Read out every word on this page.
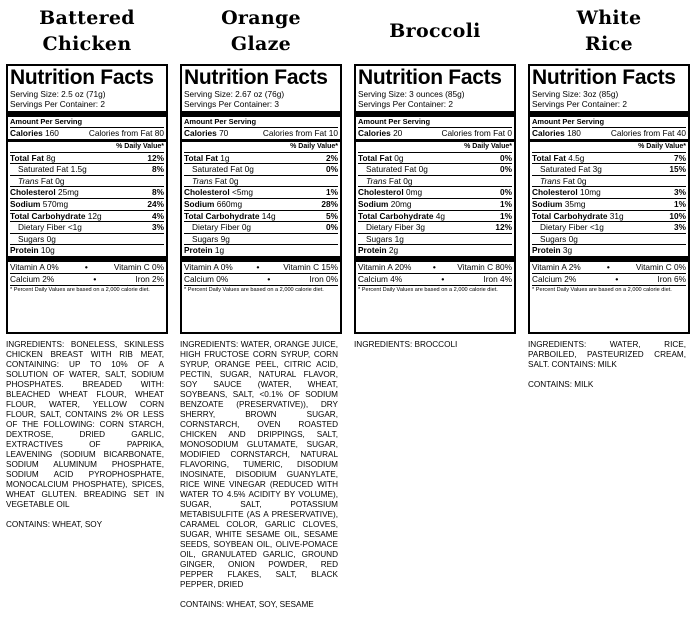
Battered
Chicken
Nutrition Facts
Serving Size: 2.5 oz (71g)
Servings Per Container: 2
Amount Per Serving
Calories 160	Calories from Fat 80
% Daily Value*
Total Fat 8g	12%
Saturated Fat 1.5g	8%
Trans Fat 0g
Cholesterol 25mg	8%
Sodium 570mg	24%
Total Carbohydrate 12g	4%
Dietary Fiber <1g	3%
Sugars 0g
Protein 10g
Vitamin A 0%	•	Vitamin C 0%
Calcium 2%	•	Iron 2%
* Percent Daily Values are based on a 2,000 calorie diet.

INGREDIENTS: BONELESS, SKINLESS CHICKEN BREAST WITH RIB MEAT, CONTAINING: UP TO 10% OF A SOLUTION OF WATER, SALT, SODIUM PHOSPHATES. BREADED WITH: BLEACHED WHEAT FLOUR, WHEAT FLOUR, WATER, YELLOW CORN FLOUR, SALT, CONTAINS 2% OR LESS OF THE FOLLOWING: CORN STARCH, DEXTROSE, DRIED GARLIC, EXTRACTIVES OF PAPRIKA, LEAVENING (SODIUM BICARBONATE, SODIUM ALUMINUM PHOSPHATE, SODIUM ACID PYROPHOSPHATE, MONOCALCIUM PHOSPHATE), SPICES, WHEAT GLUTEN. BREADING SET IN VEGETABLE OIL

CONTAINS: WHEAT, SOY

Orange
Glaze
Nutrition Facts
Serving Size: 2.67 oz (76g)
Servings Per Container: 3
Amount Per Serving
Calories 70	Calories from Fat 10
% Daily Value*
Total Fat 1g	2%
Saturated Fat 0g	0%
Trans Fat 0g
Cholesterol <5mg	1%
Sodium 660mg	28%
Total Carbohydrate 14g	5%
Dietary Fiber 0g	0%
Sugars 9g
Protein 1g
Vitamin A 0%	•	Vitamin C 15%
Calcium 0%	•	Iron 0%
* Percent Daily Values are based on a 2,000 calorie diet.

INGREDIENTS: WATER, ORANGE JUICE, HIGH FRUCTOSE CORN SYRUP, CORN SYRUP, ORANGE PEEL, CITRIC ACID, PECTIN, SUGAR, NATURAL FLAVOR, SOY SAUCE (WATER, WHEAT, SOYBEANS, SALT, <0.1% OF SODIUM BENZOATE (PRESERVATIVE)), DRY SHERRY, BROWN SUGAR, CORNSTARCH, OVEN ROASTED CHICKEN AND DRIPPINGS, SALT, MONOSODIUM GLUTAMATE, SUGAR, MODIFIED CORNSTARCH, NATURAL FLAVORING, TUMERIC, DISODIUM INOSINATE, DISODIUM GUANYLATE, RICE WINE VINEGAR (REDUCED WITH WATER TO 4.5% ACIDITY BY VOLUME), SUGAR, SALT, POTASSIUM METABISULFITE (AS A PRESERVATIVE), CARAMEL COLOR, GARLIC CLOVES, SUGAR, WHITE SESAME OIL, SESAME SEEDS, SOYBEAN OIL, OLIVE-POMACE OIL, GRANULATED GARLIC, GROUND GINGER, ONION POWDER, RED PEPPER FLAKES, SALT, BLACK PEPPER, DRIED

CONTAINS: WHEAT, SOY, SESAME

Broccoli
Nutrition Facts
Serving Size: 3 ounces (85g)
Servings Per Container: 2
Amount Per Serving
Calories 20	Calories from Fat 0
% Daily Value*
Total Fat 0g	0%
Saturated Fat 0g	0%
Trans Fat 0g
Cholesterol 0mg	0%
Sodium 20mg	1%
Total Carbohydrate 4g	1%
Dietary Fiber 3g	12%
Sugars 1g
Protein 2g
Vitamin A 20%	•	Vitamin C 80%
Calcium 4%	•	Iron 4%
* Percent Daily Values are based on a 2,000 calorie diet.

INGREDIENTS: BROCCOLI

White
Rice
Nutrition Facts
Serving Size: 3oz (85g)
Servings Per Container: 2
Amount Per Serving
Calories 180	Calories from Fat 40
% Daily Value*
Total Fat 4.5g	7%
Saturated Fat 3g	15%
Trans Fat 0g
Cholesterol 10mg	3%
Sodium 35mg	1%
Total Carbohydrate 31g	10%
Dietary Fiber <1g	3%
Sugars 0g
Protein 3g
Vitamin A 2%	•	Vitamin C 0%
Calcium 2%	•	Iron 6%
* Percent Daily Values are based on a 2,000 calorie diet.

INGREDIENTS: WATER, RICE, PARBOILED, PASTEURIZED CREAM, SALT. CONTAINS: MILK

CONTAINS: MILK
